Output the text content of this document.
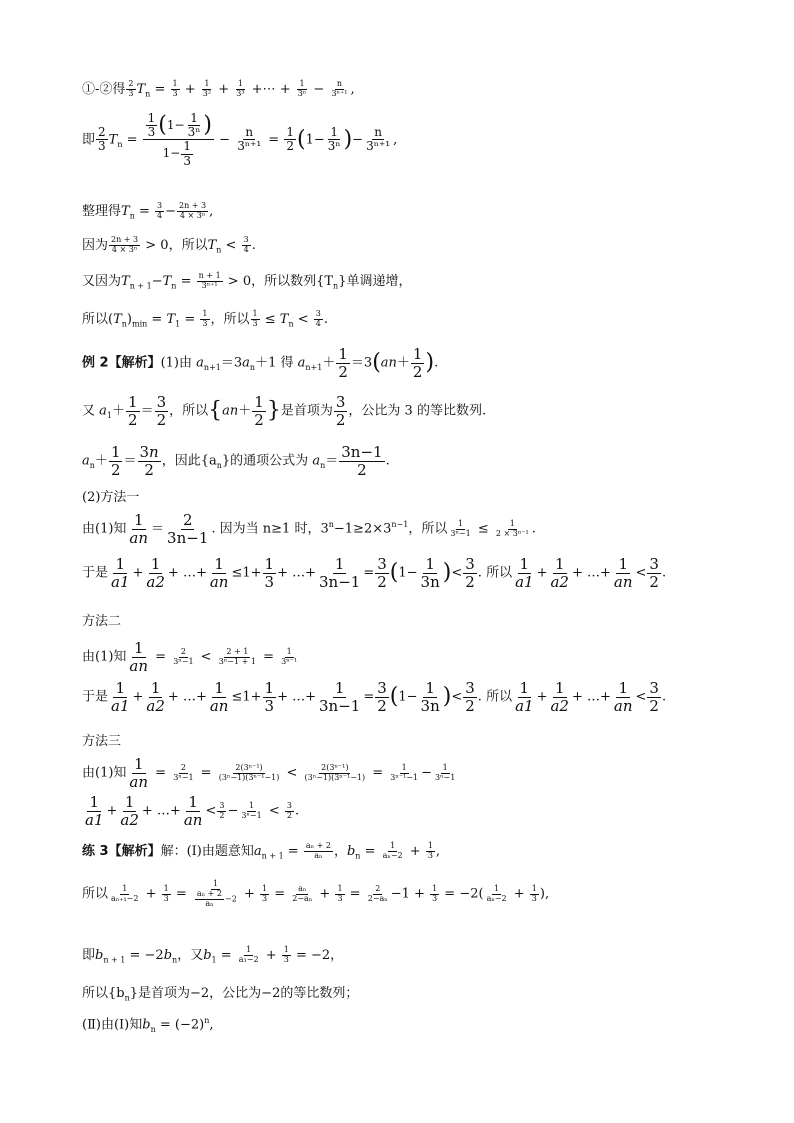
①-②得 $\frac{2}{3} T_n = \frac{1}{3} + \frac{1}{\text{3²}} + \frac{1}{\text{3³}}$ +⋯ + $\frac{1}{\text{3ⁿ}} - \frac{n}{\text{3ⁿ⁺¹}}$ ,
即 $\frac{2}{3} T_n = \frac{\frac{1}{3} (1- \frac{1}{\text{3ⁿ}} )}{1- \frac{1}{3}} - \frac{n}{\text{3ⁿ⁺¹}} = \frac{1}{2} (1- \frac{1}{\text{3ⁿ}}$ )− $\frac{n}{\text{3ⁿ⁺¹}}$ ,
整理得$T_n = \frac{3}{4} - \frac{2n + 3}{\text{4 × 3ⁿ}}$ ,
因为 $\frac{2n + 3}{\text{4 × 3ⁿ}} > 0$，所以$T_n < \frac{3}{4}$ .
又因为$T_{n + 1}-T_n = \frac{n + 1}{\text{3ⁿ⁺¹}} > 0$，所以数列$\{T_n\}$单调递增，
所以$(T_n)_{min} = T_1 = \frac{1}{3}$ ，所以 $\frac{1}{3} \le T_n < \frac{3}{4}$ .
例 2【解析】(1)由 $a_{n+1}=3a_n+1$ 得 $a_{n+1}+ \frac{1}{2} =3(an+ \frac{1}{2}$ ).
又 $a_1+ \frac{1}{2} = \frac{3}{2}$ ，所以{$an+ \frac{1}{2}$ }是首项为 $\frac{3}{2}$ ，公比为 3 的等比数列.
$a_n+ \frac{1}{2} = \frac{3n}{2}$ ，因此$\{a_n\}$的通项公式为 $a_n= \frac{3n-1}{2}$ .
(2)方法一
由(1)知 $\frac{1}{an} = \frac{2}{3n-1}$ . 因为当 n≥1 时，$3^n-1\ge 2\times 3^{n-1}$，所以 $\frac{1}{\text{3ⁿ−1}} \le \frac{1}{\text{2 × 3ⁿ⁻¹}}$ .
于是 $\frac{1}{a1} + \frac{1}{a2}$ + …+ $\frac{1}{an} \le 1+ \frac{1}{3}$ + …+ $\frac{1}{3n-1} = \frac{3}{2} (1- \frac{1}{3n}$ )< $\frac{3}{2}$ . 所以 $\frac{1}{a1} + \frac{1}{a2}$ + …+ $\frac{1}{an} < \frac{3}{2}$ .
方法二
由(1)知 $\frac{1}{an} = \frac{2}{\text{3ⁿ−1}} < \frac{2 + 1}{\text{3ⁿ−1 + 1}} = \frac{1}{\text{3ⁿ⁻¹}}$
于是 $\frac{1}{a1} + \frac{1}{a2}$ + …+ $\frac{1}{an} \le 1+ \frac{1}{3}$ + …+ $\frac{1}{3n-1} = \frac{3}{2} (1- \frac{1}{3n}$ )< $\frac{3}{2}$ . 所以 $\frac{1}{a1} + \frac{1}{a2}$ + …+ $\frac{1}{an} < \frac{3}{2}$ .
方法三
由(1)知 $\frac{1}{an} = \frac{2}{\text{3ⁿ−1}} = \frac{\text{2(3ⁿ⁻¹)}}{\text{(3ⁿ−1)(3ⁿ⁻¹−1)}} < \frac{\text{2(3ⁿ⁻¹)}}{\text{(3ⁿ−1)(3ⁿ⁻¹−1)}} = \frac{1}{\text{3ⁿ⁻¹−1}} - \frac{1}{\text{3ⁿ−1}}$
$\frac{1}{a1} + \frac{1}{a2}$ + …+ $\frac{1}{an} < \frac{3}{2} - \frac{1}{\text{3ⁿ−1}} < \frac{3}{2}$ .
练 3【解析】解：(Ⅰ)由题意知$a_{n + 1} = \frac{\text{aₙ + 2}}{\text{aₙ}}$ ，$b_n = \frac{1}{\text{aₙ−2}} + \frac{1}{3}$ ,
所以 $\frac{1}{\text{aₙ₊₁−2}} + \frac{1}{3} = \frac{1}{\frac{\text{aₙ + 2}}{\text{aₙ}} -2} + \frac{1}{3} = \frac{\text{aₙ}}{\text{2−aₙ}} + \frac{1}{3} = \frac{2}{\text{2−aₙ}} -1 + \frac{1}{3} = -2( \frac{1}{\text{aₙ−2}} + \frac{1}{3}$ ),
即$b_{n + 1} = -2b_n$，又$b_1 = \frac{1}{\text{a₁−2}} + \frac{1}{3} = -2$，
所以$\{b_n\}$是首项为−2，公比为−2的等比数列；
(Ⅱ)由(Ⅰ)知$b_n = (-2)^n$,
